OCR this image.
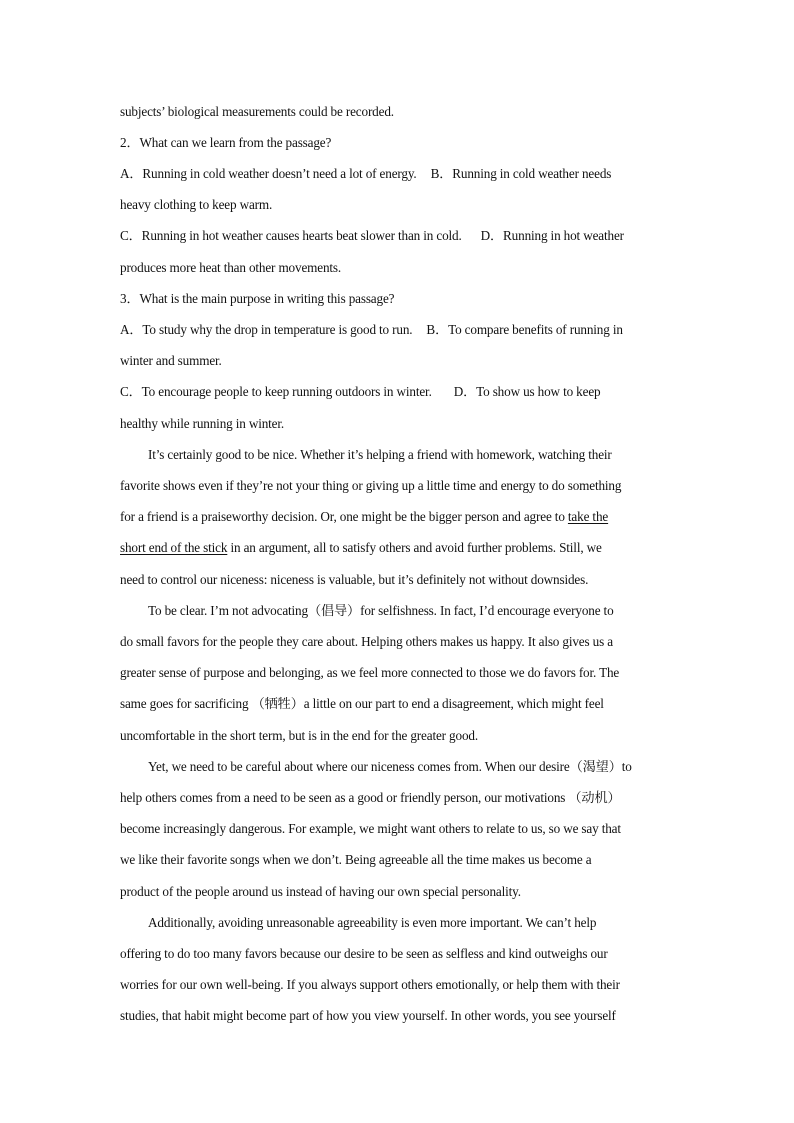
subjects’ biological measurements could be recorded.
2．What can we learn from the passage?
A．Running in cold weather doesn’t need a lot of energy. B．Running in cold weather needs
heavy clothing to keep warm.
C．Running in hot weather causes hearts beat slower than in cold. D．Running in hot weather
produces more heat than other movements.
3．What is the main purpose in writing this passage?
A．To study why the drop in temperature is good to run. B．To compare benefits of running in
winter and summer.
C．To encourage people to keep running outdoors in winter. D．To show us how to keep
healthy while running in winter.
It’s certainly good to be nice. Whether it’s helping a friend with homework, watching their
favorite shows even if they’re not your thing or giving up a little time and energy to do something
for a friend is a praiseworthy decision. Or, one might be the bigger person and agree to take the
short end of the stick in an argument, all to satisfy others and avoid further problems. Still, we
need to control our niceness: niceness is valuable, but it’s definitely not without downsides.
To be clear. I’m not advocating（倡导）for selfishness. In fact, I’d encourage everyone to
do small favors for the people they care about. Helping others makes us happy. It also gives us a
greater sense of purpose and belonging, as we feel more connected to those we do favors for. The
same goes for sacrificing （牺牲）a little on our part to end a disagreement, which might feel
uncomfortable in the short term, but is in the end for the greater good.
Yet, we need to be careful about where our niceness comes from. When our desire（渴望）to
help others comes from a need to be seen as a good or friendly person, our motivations （动机）
become increasingly dangerous. For example, we might want others to relate to us, so we say that
we like their favorite songs when we don’t. Being agreeable all the time makes us become a
product of the people around us instead of having our own special personality.
Additionally, avoiding unreasonable agreeability is even more important. We can’t help
offering to do too many favors because our desire to be seen as selfless and kind outweighs our
worries for our own well-being. If you always support others emotionally, or help them with their
studies, that habit might become part of how you view yourself. In other words, you see yourself
